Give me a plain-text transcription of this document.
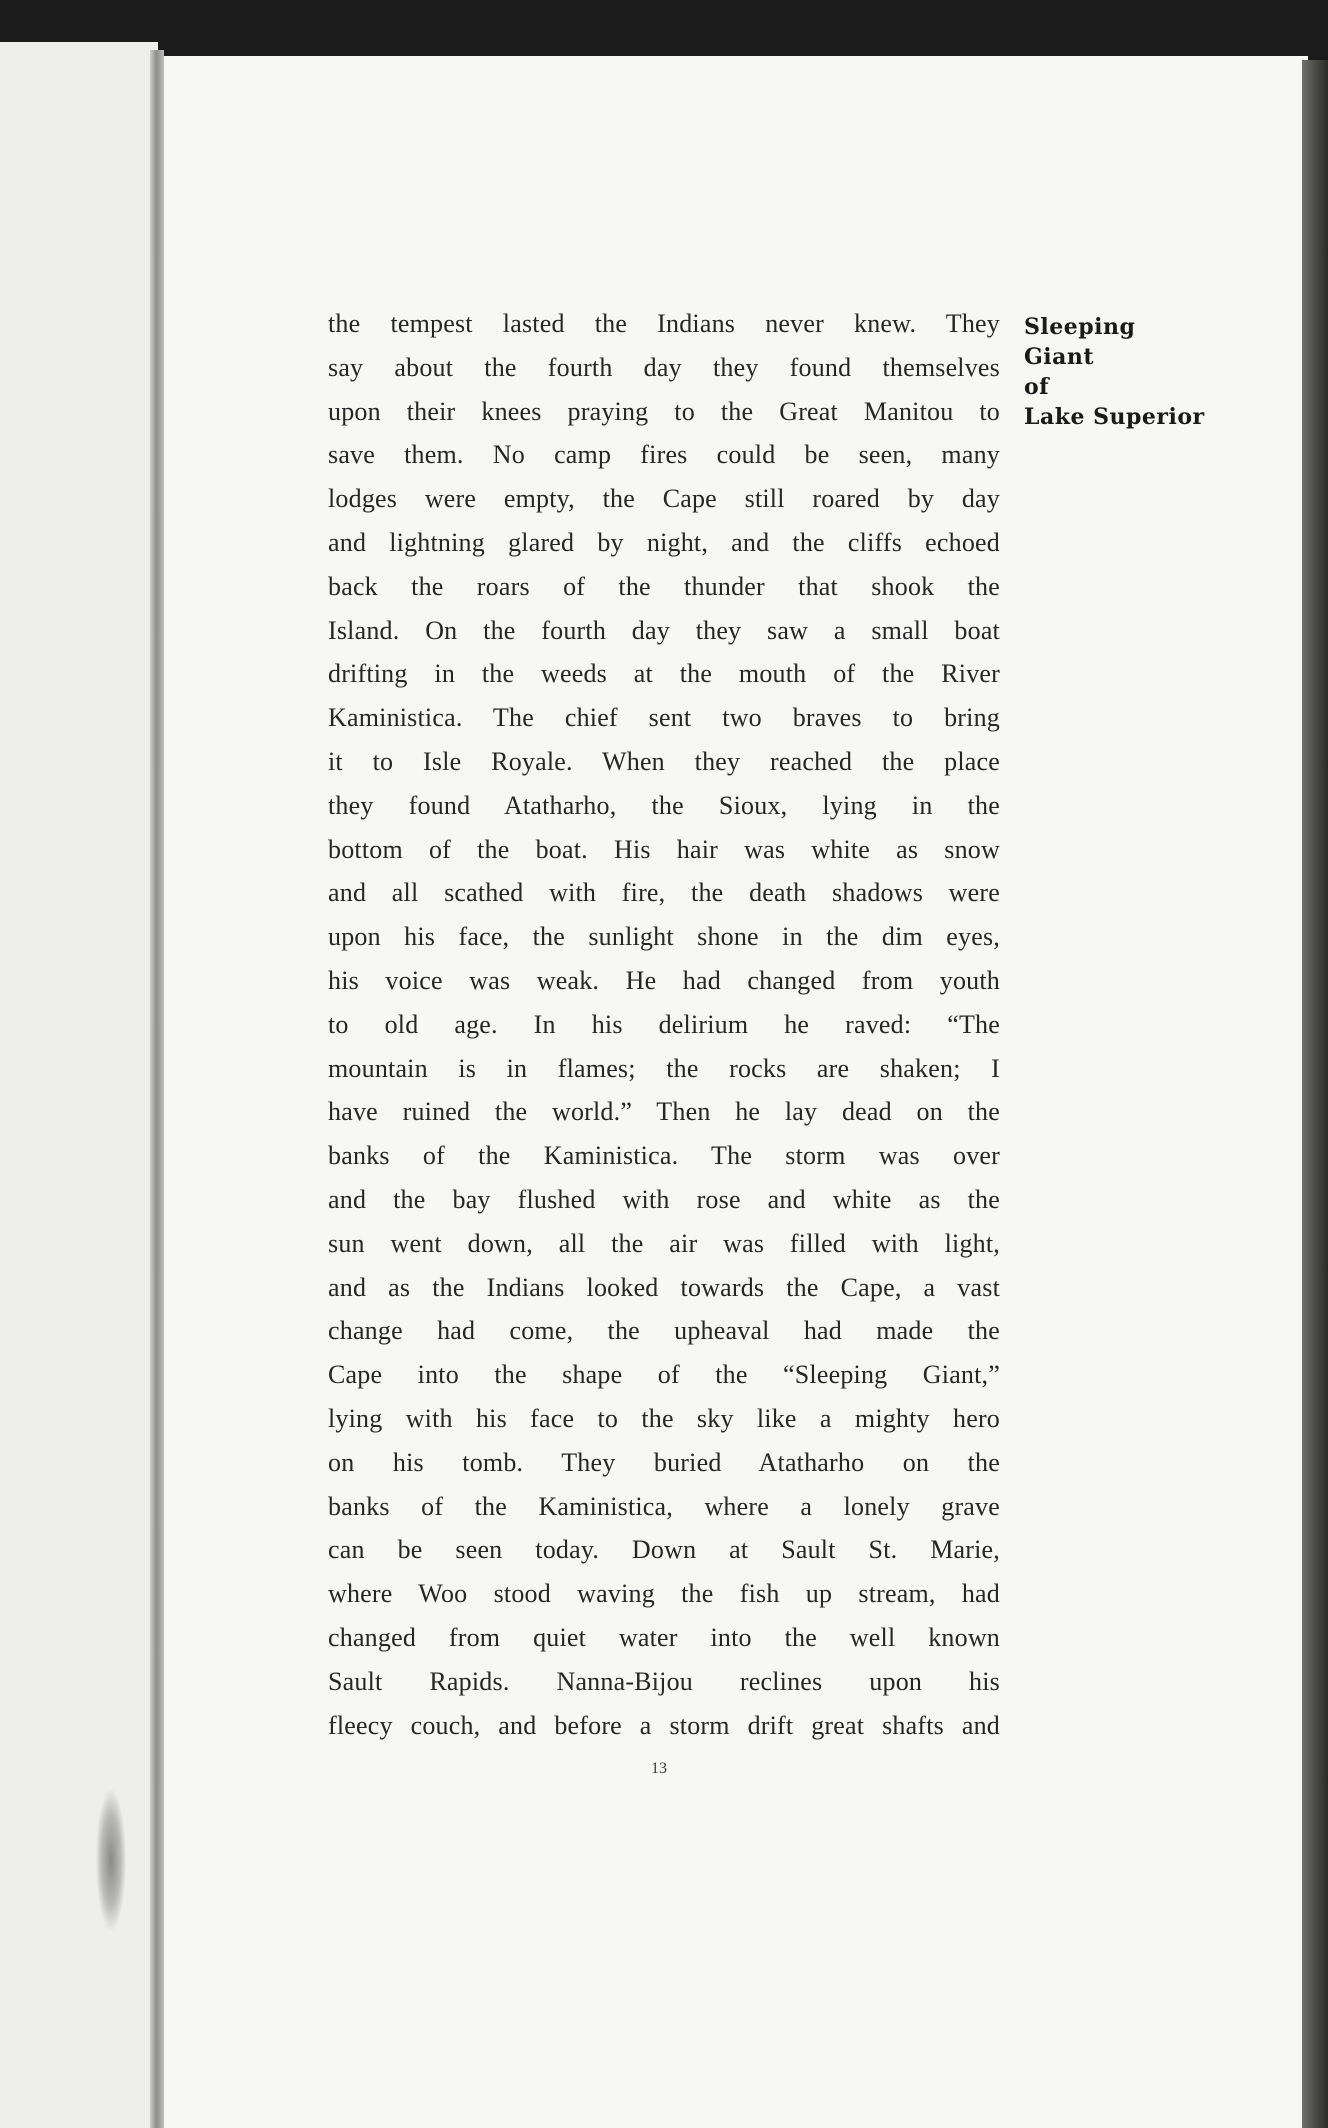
Sleeping
Giant
of
Lake Superior
the tempest lasted the Indians never knew. They
say about the fourth day they found themselves
upon their knees praying to the Great Manitou to
save them. No camp fires could be seen, many
lodges were empty, the Cape still roared by day
and lightning glared by night, and the cliffs echoed
back the roars of the thunder that shook the
Island. On the fourth day they saw a small boat
drifting in the weeds at the mouth of the River
Kaministica. The chief sent two braves to bring
it to Isle Royale. When they reached the place
they found Atatharho, the Sioux, lying in the
bottom of the boat. His hair was white as snow
and all scathed with fire, the death shadows were
upon his face, the sunlight shone in the dim eyes,
his voice was weak. He had changed from youth
to old age. In his delirium he raved: “The
mountain is in flames; the rocks are shaken; I
have ruined the world.” Then he lay dead on the
banks of the Kaministica. The storm was over
and the bay flushed with rose and white as the
sun went down, all the air was filled with light,
and as the Indians looked towards the Cape, a vast
change had come, the upheaval had made the
Cape into the shape of the “Sleeping Giant,”
lying with his face to the sky like a mighty hero
on his tomb. They buried Atatharho on the
banks of the Kaministica, where a lonely grave
can be seen today. Down at Sault St. Marie,
where Woo stood waving the fish up stream, had
changed from quiet water into the well known
Sault Rapids. Nanna-Bijou reclines upon his
fleecy couch, and before a storm drift great shafts and
13
